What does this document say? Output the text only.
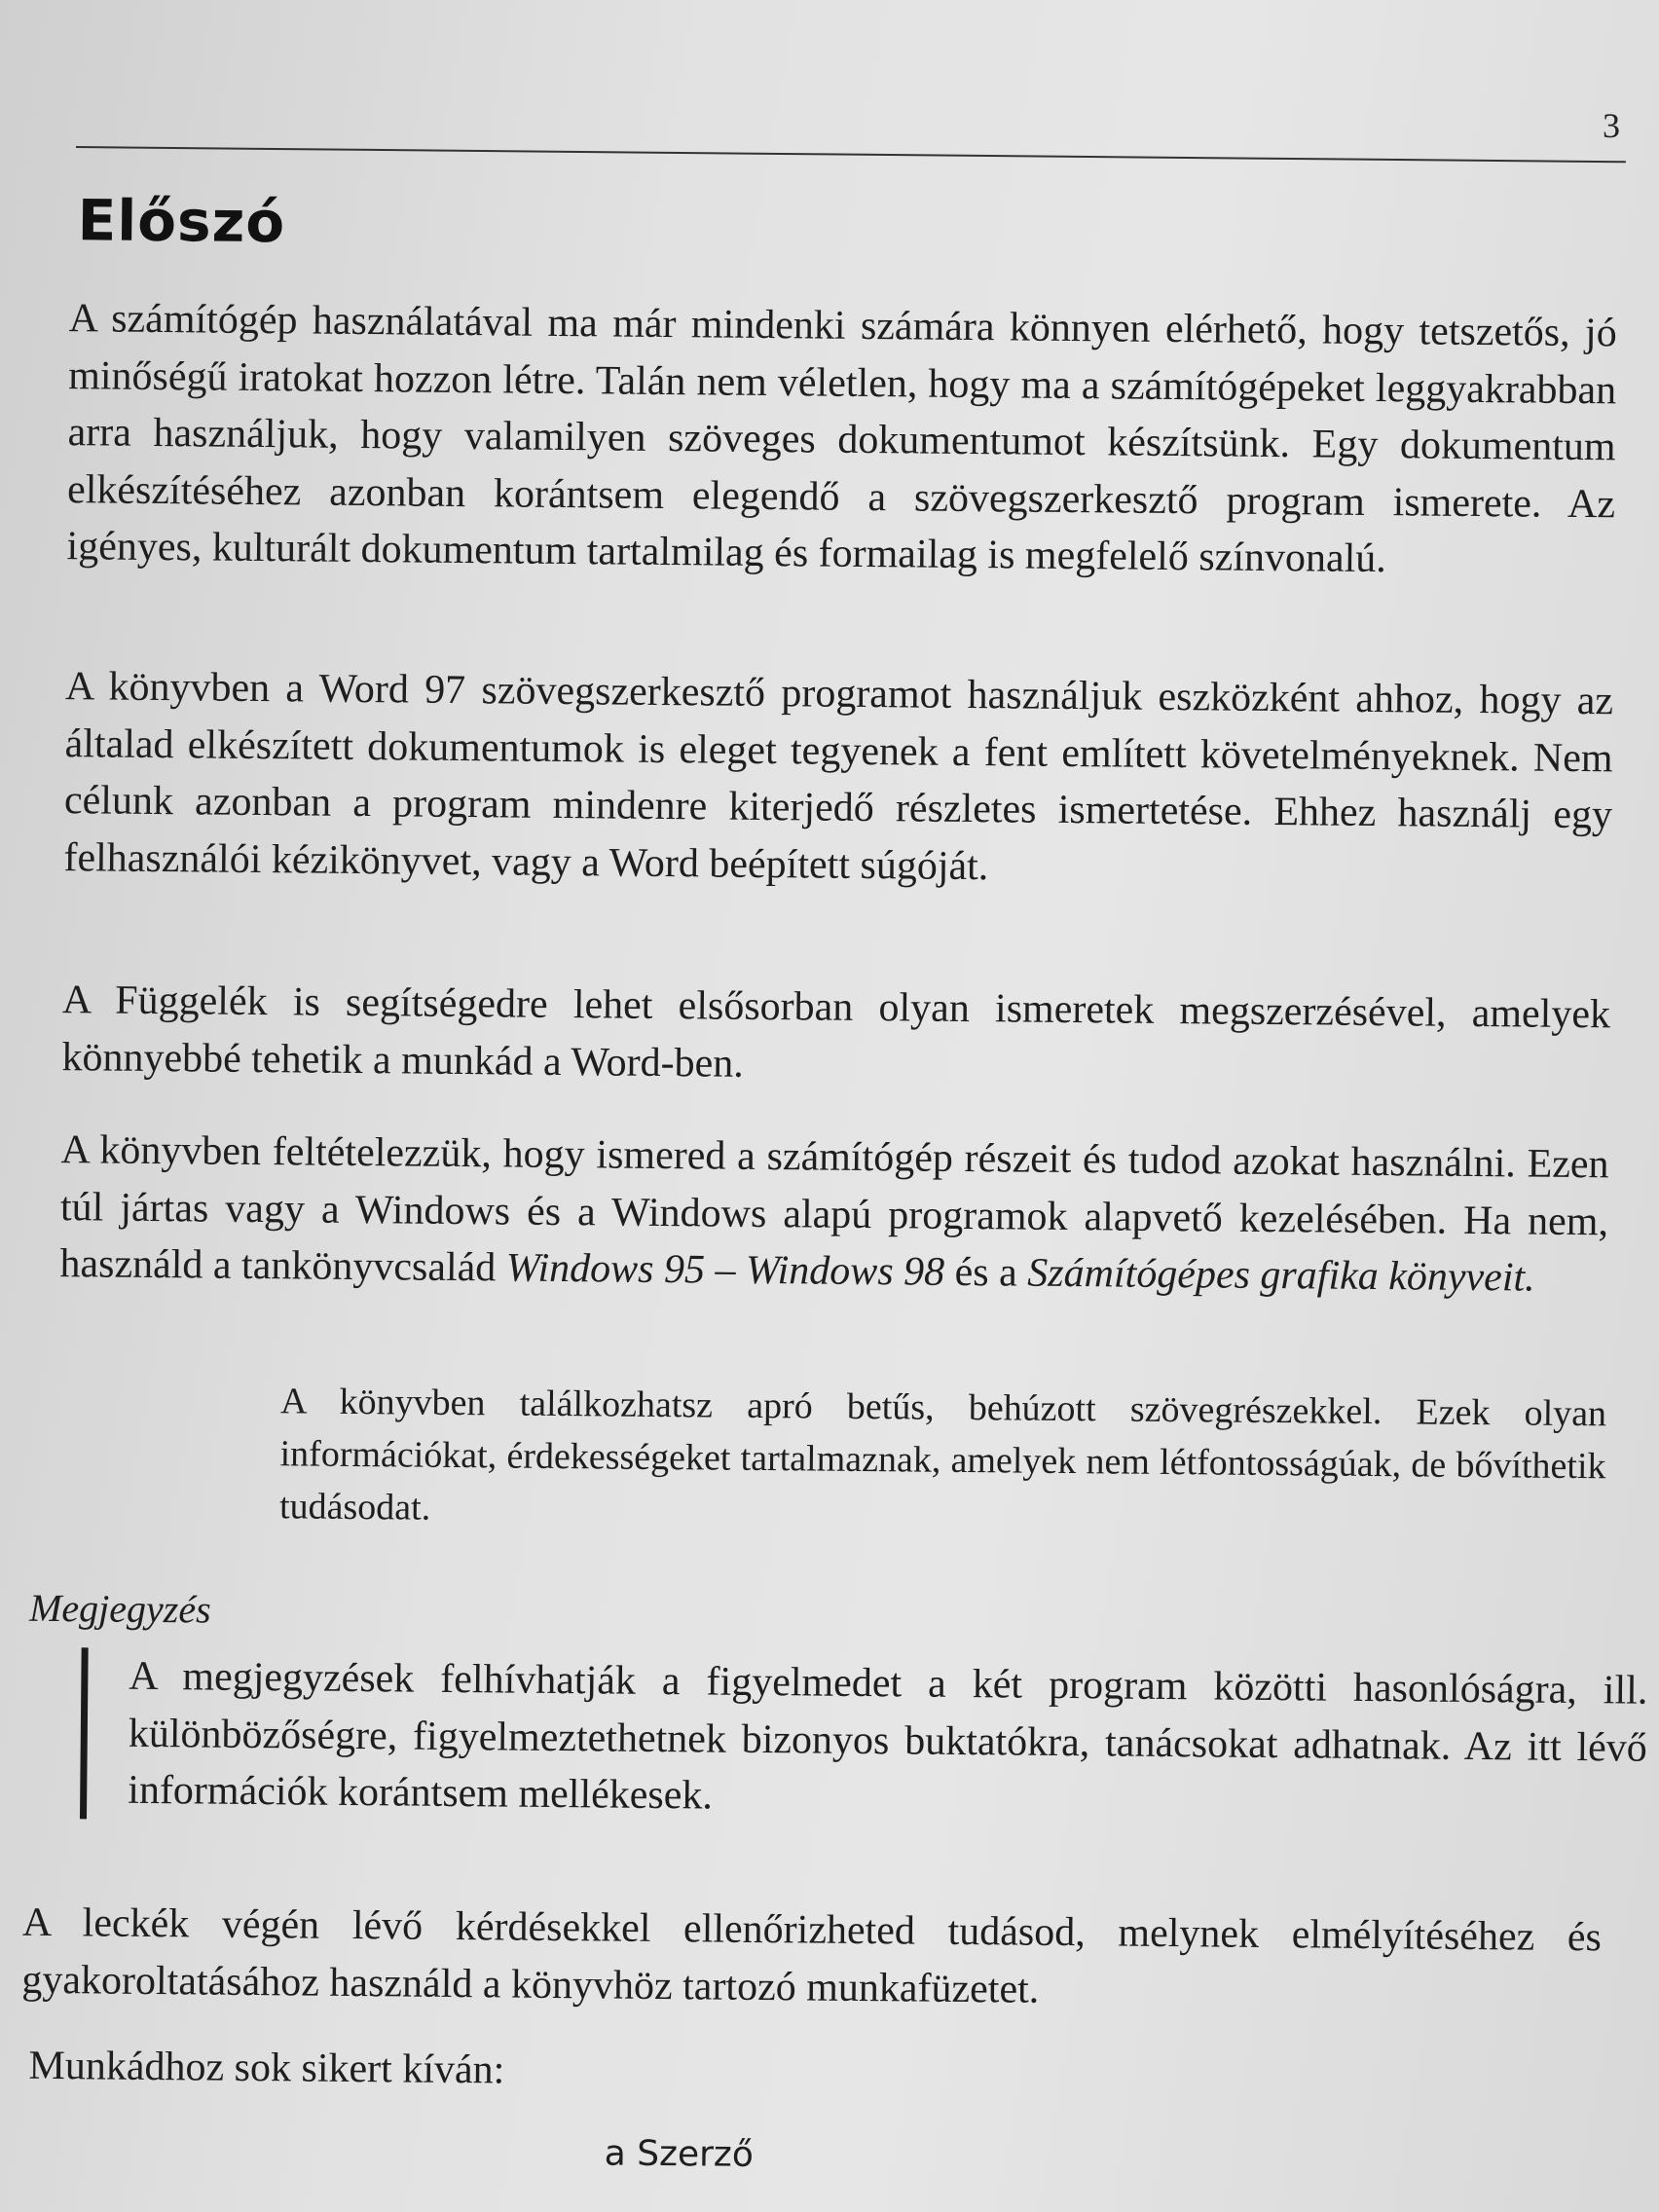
3
Előszó

A számítógép használatával ma már mindenki számára könnyen elérhető, hogy tetszetős, jó minőségű iratokat hozzon létre. Talán nem véletlen, hogy ma a számítógépeket leggyakrabban arra használjuk, hogy valamilyen szöveges dokumentumot készítsünk. Egy dokumentum elkészítéséhez azonban korántsem elegendő a szövegszerkesztő program ismerete. Az igényes, kulturált dokumentum tartalmilag és formailag is megfelelő színvonalú.

A könyvben a Word 97 szövegszerkesztő programot használjuk eszközként ahhoz, hogy az általad elkészített dokumentumok is eleget tegyenek a fent említett követelményeknek. Nem célunk azonban a program mindenre kiterjedő részletes ismertetése. Ehhez használj egy felhasználói kézikönyvet, vagy a Word beépített súgóját.

A Függelék is segítségedre lehet elsősorban olyan ismeretek megszerzésével, amelyek könnyebbé tehetik a munkád a Word-ben.

A könyvben feltételezzük, hogy ismered a számítógép részeit és tudod azokat használni. Ezen túl jártas vagy a Windows és a Windows alapú programok alapvető kezelésében. Ha nem, használd a tankönyvcsalád Windows 95 – Windows 98 és a Számítógépes grafika könyveit.

A könyvben találkozhatsz apró betűs, behúzott szövegrészekkel. Ezek olyan információkat, érdekességeket tartalmaznak, amelyek nem létfontosságúak, de bővíthetik tudásodat.

Megjegyzés

A megjegyzések felhívhatják a figyelmedet a két program közötti hasonlóságra, ill. különbözőségre, figyelmeztethetnek bizonyos buktatókra, tanácsokat adhatnak. Az itt lévő információk korántsem mellékesek.

A leckék végén lévő kérdésekkel ellenőrizheted tudásod, melynek elmélyítéséhez és gyakoroltatásához használd a könyvhöz tartozó munkafüzetet.

Munkádhoz sok sikert kíván:

a Szerző
